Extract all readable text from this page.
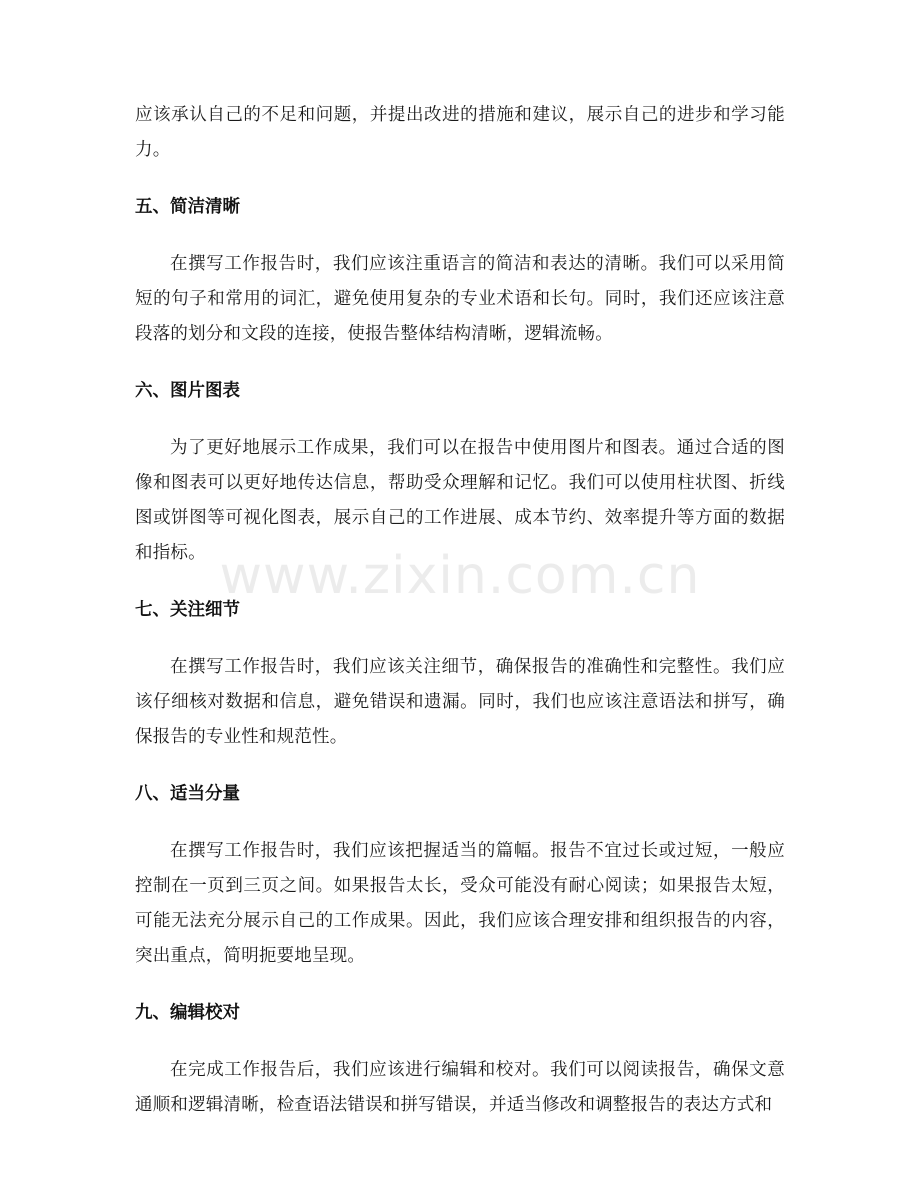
www.zixin.com.cn

应该承认自己的不足和问题，并提出改进的措施和建议，展示自己的进步和学习能力。

五、简洁清晰

在撰写工作报告时，我们应该注重语言的简洁和表达的清晰。我们可以采用简短的句子和常用的词汇，避免使用复杂的专业术语和长句。同时，我们还应该注意段落的划分和文段的连接，使报告整体结构清晰，逻辑流畅。

六、图片图表

为了更好地展示工作成果，我们可以在报告中使用图片和图表。通过合适的图像和图表可以更好地传达信息，帮助受众理解和记忆。我们可以使用柱状图、折线图或饼图等可视化图表，展示自己的工作进展、成本节约、效率提升等方面的数据和指标。

七、关注细节

在撰写工作报告时，我们应该关注细节，确保报告的准确性和完整性。我们应该仔细核对数据和信息，避免错误和遗漏。同时，我们也应该注意语法和拼写，确保报告的专业性和规范性。

八、适当分量

在撰写工作报告时，我们应该把握适当的篇幅。报告不宜过长或过短，一般应控制在一页到三页之间。如果报告太长，受众可能没有耐心阅读；如果报告太短，可能无法充分展示自己的工作成果。因此，我们应该合理安排和组织报告的内容，突出重点，简明扼要地呈现。

九、编辑校对

在完成工作报告后，我们应该进行编辑和校对。我们可以阅读报告，确保文意通顺和逻辑清晰，检查语法错误和拼写错误，并适当修改和调整报告的表达方式和
